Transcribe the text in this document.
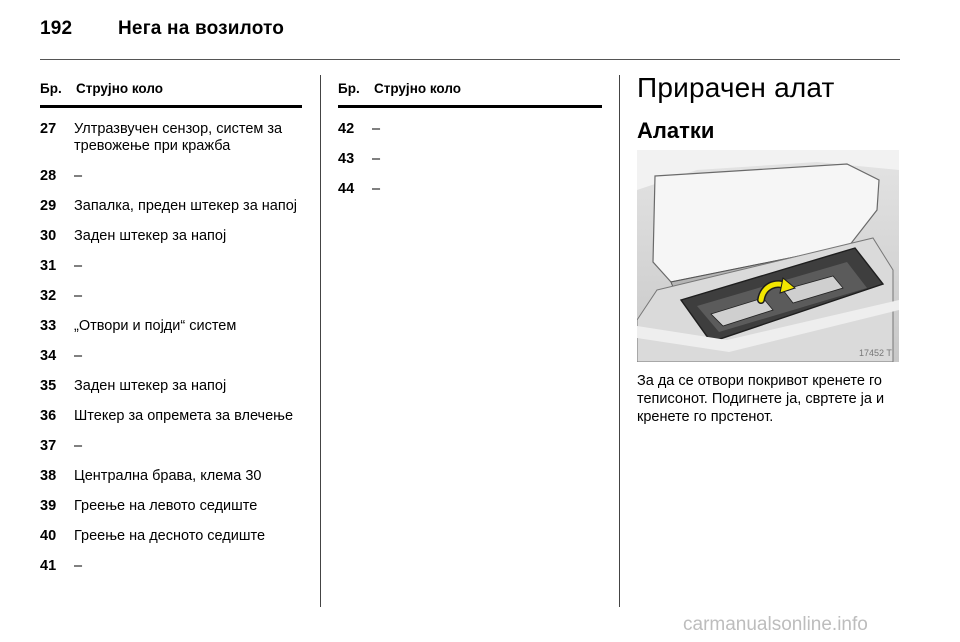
192 Нега на возилото
Бр.	Струјно коло
27	Ултразвучен сензор, систем за тревожење при кражба
28	–
29	Запалка, преден штекер за напој
30	Заден штекер за напој
31	–
32	–
33	„Отвори и појди“ систем
34	–
35	Заден штекер за напој
36	Штекер за опремета за влечење
37	–
38	Централна брава, клема 30
39	Греење на левото седиште
40	Греење на десното седиште
41	–
Бр.	Струјно коло
42	–
43	–
44	–
Прирачен алат
Алатки
17452 T
За да се отвори покривот кренете го теписонот. Подигнете ја, свртете ја и кренете го прстенот.
carmanualsonline.info
